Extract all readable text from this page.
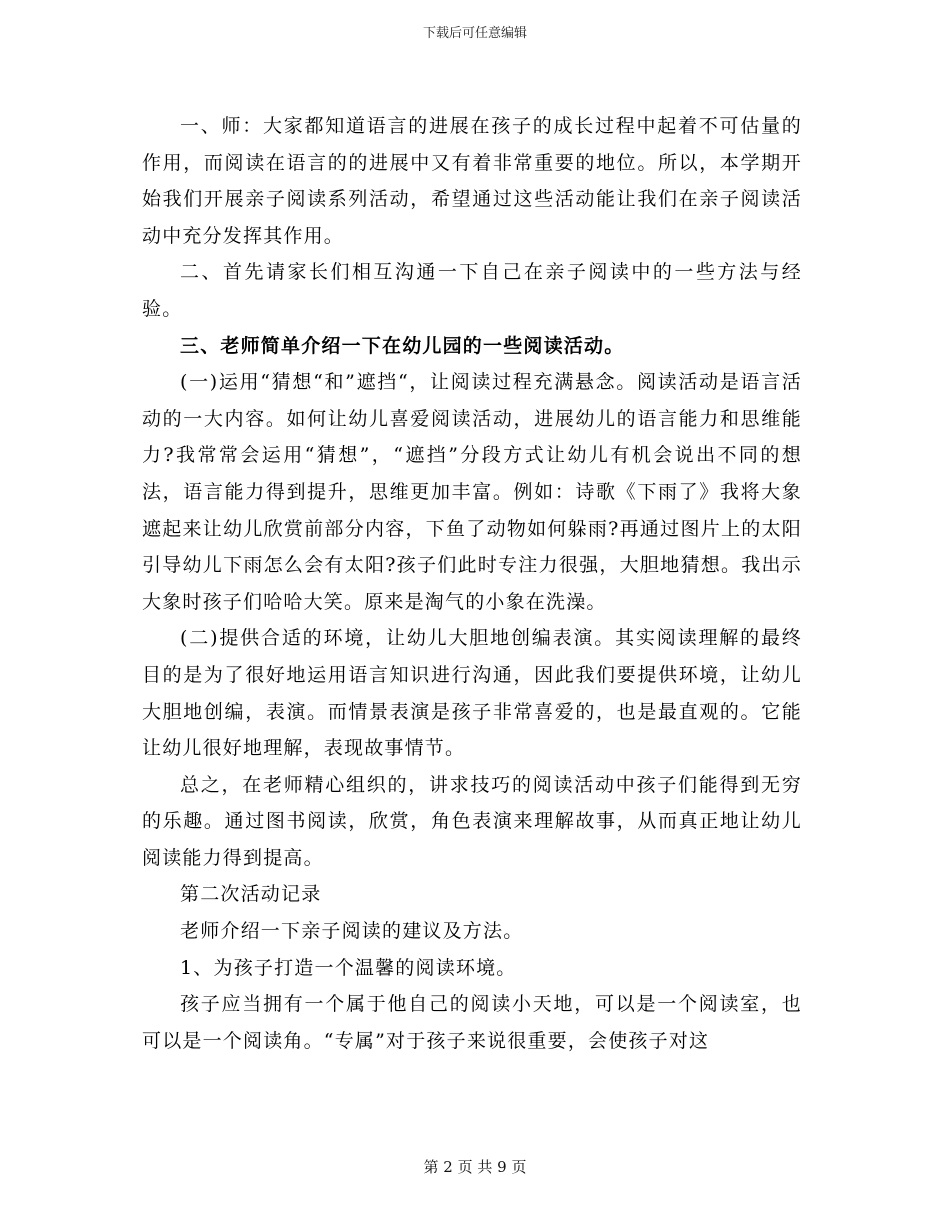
下载后可任意编辑

一、师：大家都知道语言的进展在孩子的成长过程中起着不可估量的作用，而阅读在语言的的进展中又有着非常重要的地位。所以，本学期开始我们开展亲子阅读系列活动，希望通过这些活动能让我们在亲子阅读活动中充分发挥其作用。

二、首先请家长们相互沟通一下自己在亲子阅读中的一些方法与经验。

三、老师简单介绍一下在幼儿园的一些阅读活动。

(一)运用“猜想“和”遮挡“，让阅读过程充满悬念。阅读活动是语言活动的一大内容。如何让幼儿喜爱阅读活动，进展幼儿的语言能力和思维能力?我常常会运用“猜想”，“遮挡”分段方式让幼儿有机会说出不同的想法，语言能力得到提升，思维更加丰富。例如：诗歌《下雨了》我将大象遮起来让幼儿欣赏前部分内容，下鱼了动物如何躲雨?再通过图片上的太阳引导幼儿下雨怎么会有太阳?孩子们此时专注力很强，大胆地猜想。我出示大象时孩子们哈哈大笑。原来是淘气的小象在洗澡。

(二)提供合适的环境，让幼儿大胆地创编表演。其实阅读理解的最终目的是为了很好地运用语言知识进行沟通，因此我们要提供环境，让幼儿大胆地创编，表演。而情景表演是孩子非常喜爱的，也是最直观的。它能让幼儿很好地理解，表现故事情节。

总之，在老师精心组织的，讲求技巧的阅读活动中孩子们能得到无穷的乐趣。通过图书阅读，欣赏，角色表演来理解故事，从而真正地让幼儿阅读能力得到提高。

第二次活动记录

老师介绍一下亲子阅读的建议及方法。

1、为孩子打造一个温馨的阅读环境。

孩子应当拥有一个属于他自己的阅读小天地，可以是一个阅读室，也可以是一个阅读角。“专属”对于孩子来说很重要，会使孩子对这

第 2 页 共 9 页
